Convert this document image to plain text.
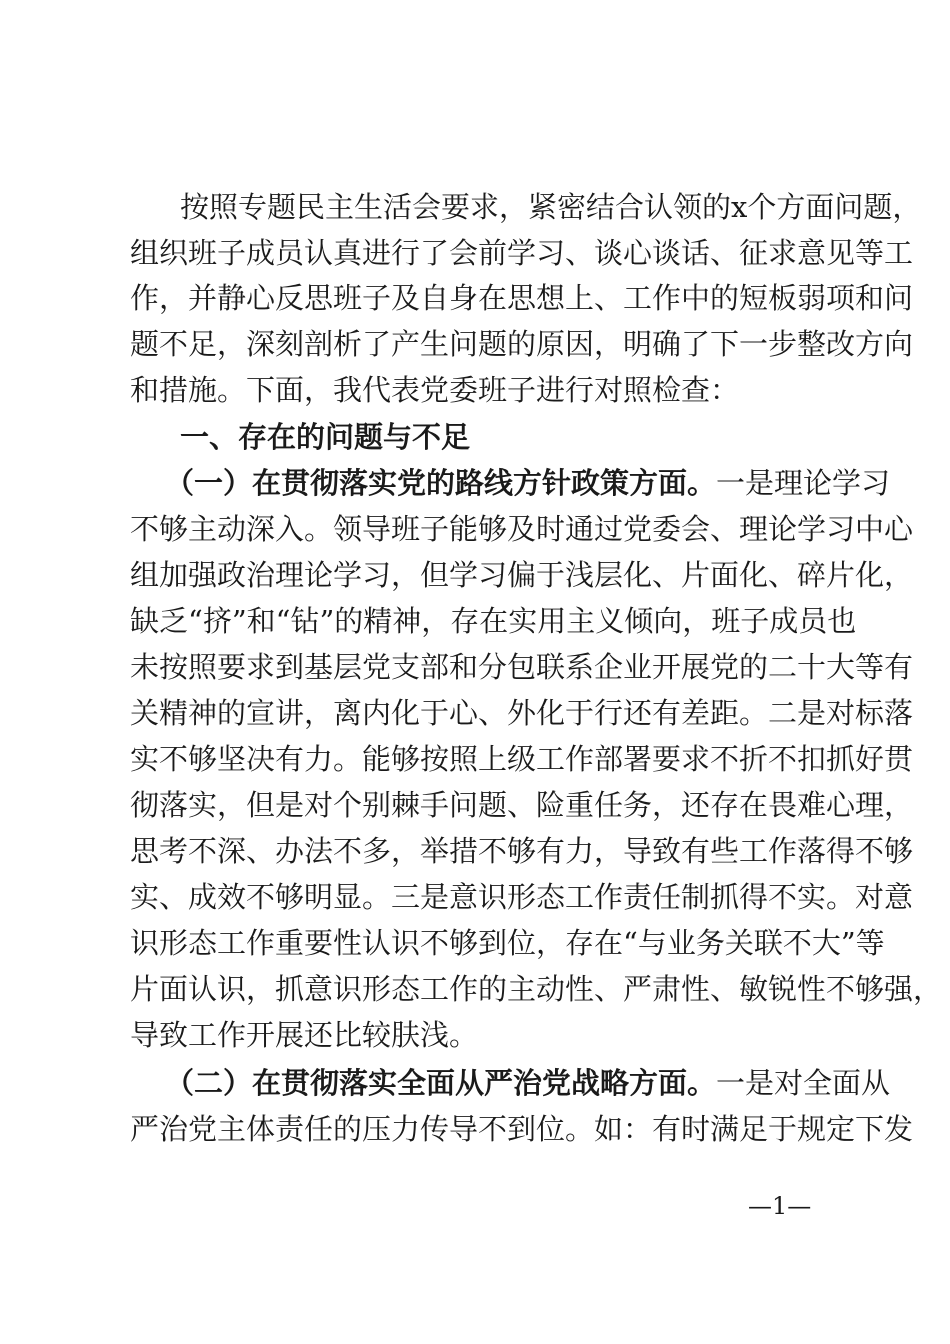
按照专题民主生活会要求，紧密结合认领的x个方面问题，
组织班子成员认真进行了会前学习、谈心谈话、征求意见等工
作，并静心反思班子及自身在思想上、工作中的短板弱项和问
题不足，深刻剖析了产生问题的原因，明确了下一步整改方向
和措施。下面，我代表党委班子进行对照检查：
一、存在的问题与不足
（一）在贯彻落实党的路线方针政策方面。一是理论学习
不够主动深入。领导班子能够及时通过党委会、理论学习中心
组加强政治理论学习，但学习偏于浅层化、片面化、碎片化，
缺乏“挤”和“钻”的精神，存在实用主义倾向，班子成员也
未按照要求到基层党支部和分包联系企业开展党的二十大等有
关精神的宣讲，离内化于心、外化于行还有差距。二是对标落
实不够坚决有力。能够按照上级工作部署要求不折不扣抓好贯
彻落实，但是对个别棘手问题、险重任务，还存在畏难心理，
思考不深、办法不多，举措不够有力，导致有些工作落得不够
实、成效不够明显。三是意识形态工作责任制抓得不实。对意
识形态工作重要性认识不够到位，存在“与业务关联不大”等
片面认识，抓意识形态工作的主动性、严肃性、敏锐性不够强，
导致工作开展还比较肤浅。
（二）在贯彻落实全面从严治党战略方面。一是对全面从
严治党主体责任的压力传导不到位。如：有时满足于规定下发
—1—
